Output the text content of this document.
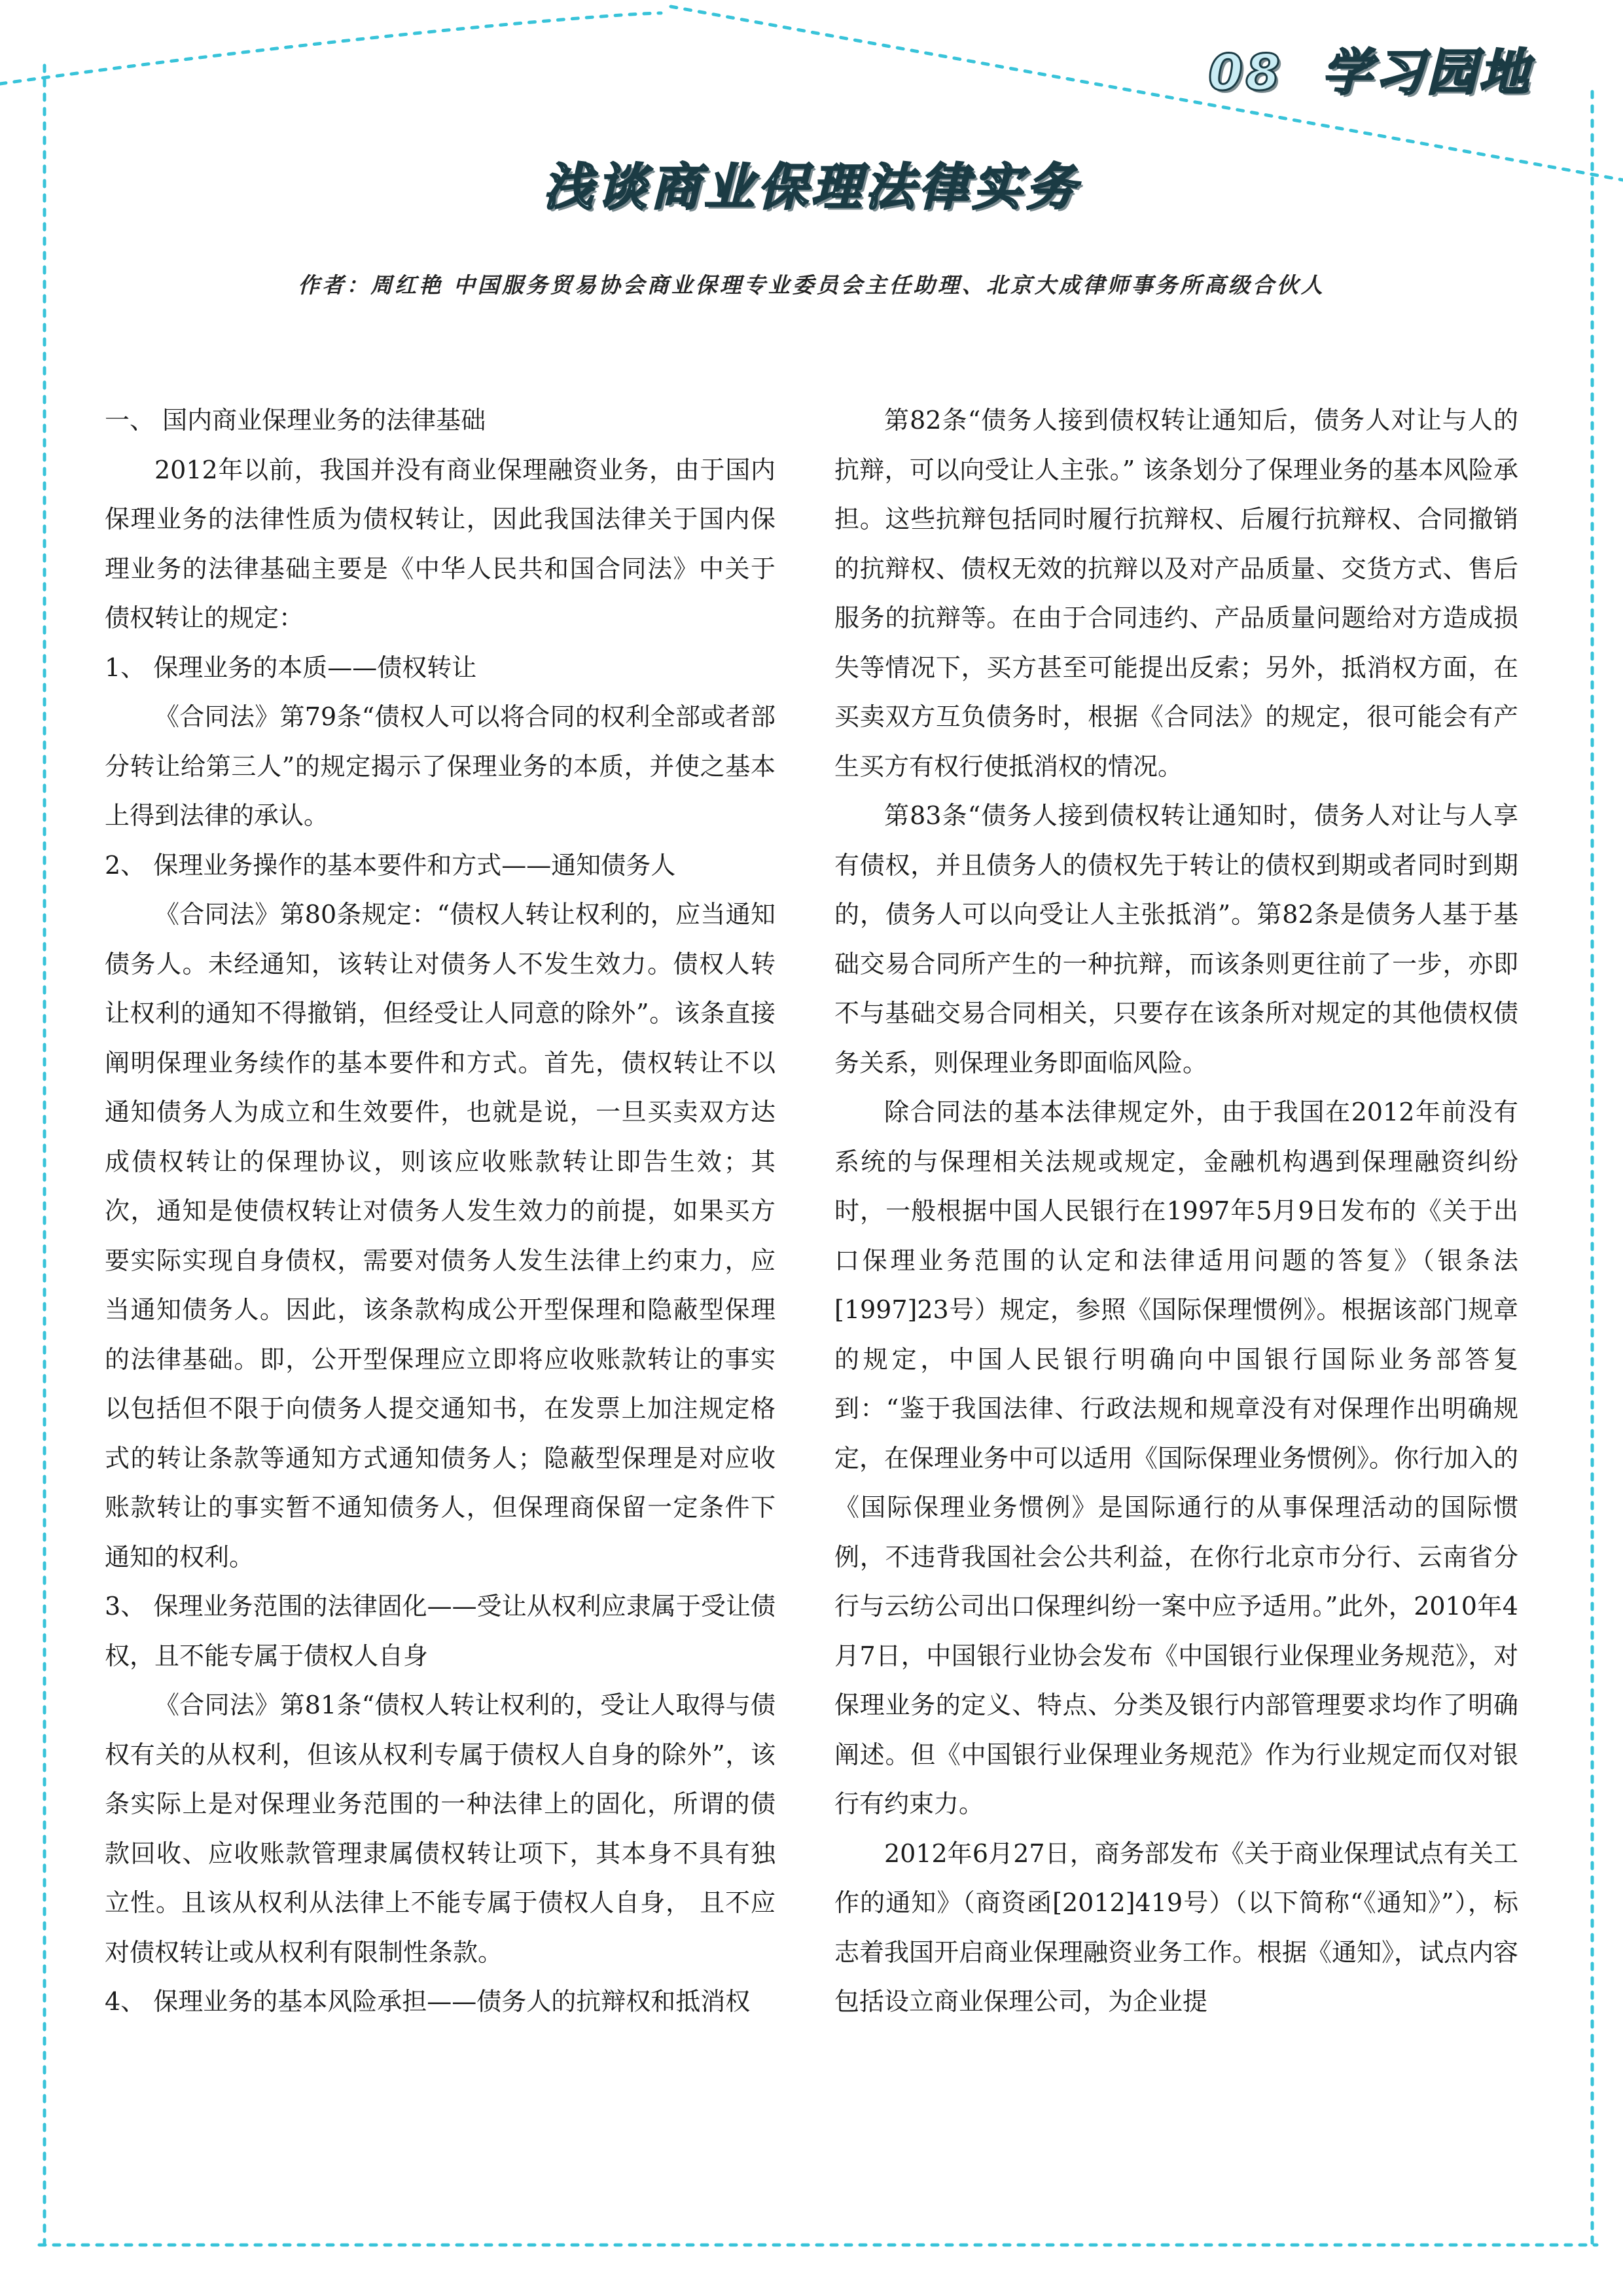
08 学习园地
浅谈商业保理法律实务
作者：周红艳 中国服务贸易协会商业保理专业委员会主任助理、北京大成律师事务所高级合伙人

一、 国内商业保理业务的法律基础

2012年以前，我国并没有商业保理融资业务，由于国内保理业务的法律性质为债权转让，因此我国法律关于国内保理业务的法律基础主要是《中华人民共和国合同法》中关于债权转让的规定：

1、 保理业务的本质——债权转让

《合同法》第79条“债权人可以将合同的权利全部或者部分转让给第三人”的规定揭示了保理业务的本质，并使之基本上得到法律的承认。

2、 保理业务操作的基本要件和方式——通知债务人

《合同法》第80条规定：“债权人转让权利的，应当通知债务人。未经通知，该转让对债务人不发生效力。债权人转让权利的通知不得撤销，但经受让人同意的除外”。该条直接阐明保理业务续作的基本要件和方式。首先，债权转让不以通知债务人为成立和生效要件，也就是说，一旦买卖双方达成债权转让的保理协议，则该应收账款转让即告生效；其次，通知是使债权转让对债务人发生效力的前提，如果买方要实际实现自身债权，需要对债务人发生法律上约束力，应当通知债务人。因此，该条款构成公开型保理和隐蔽型保理的法律基础。即，公开型保理应立即将应收账款转让的事实以包括但不限于向债务人提交通知书，在发票上加注规定格式的转让条款等通知方式通知债务人；隐蔽型保理是对应收账款转让的事实暂不通知债务人，但保理商保留一定条件下通知的权利。

3、 保理业务范围的法律固化——受让从权利应隶属于受让债权，且不能专属于债权人自身

《合同法》第81条“债权人转让权利的，受让人取得与债权有关的从权利，但该从权利专属于债权人自身的除外”，该条实际上是对保理业务范围的一种法律上的固化，所谓的债款回收、应收账款管理隶属债权转让项下，其本身不具有独立性。且该从权利从法律上不能专属于债权人自身， 且不应对债权转让或从权利有限制性条款。

4、 保理业务的基本风险承担——债务人的抗辩权和抵消权

第82条“债务人接到债权转让通知后，债务人对让与人的抗辩，可以向受让人主张。” 该条划分了保理业务的基本风险承担。这些抗辩包括同时履行抗辩权、后履行抗辩权、合同撤销的抗辩权、债权无效的抗辩以及对产品质量、交货方式、售后服务的抗辩等。在由于合同违约、产品质量问题给对方造成损失等情况下，买方甚至可能提出反索；另外，抵消权方面，在买卖双方互负债务时，根据《合同法》的规定，很可能会有产生买方有权行使抵消权的情况。

第83条“债务人接到债权转让通知时，债务人对让与人享有债权，并且债务人的债权先于转让的债权到期或者同时到期的，债务人可以向受让人主张抵消”。第82条是债务人基于基础交易合同所产生的一种抗辩，而该条则更往前了一步，亦即不与基础交易合同相关，只要存在该条所对规定的其他债权债务关系，则保理业务即面临风险。

除合同法的基本法律规定外，由于我国在2012年前没有系统的与保理相关法规或规定，金融机构遇到保理融资纠纷时，一般根据中国人民银行在1997年5月9日发布的《关于出口保理业务范围的认定和法律适用问题的答复》（银条法[1997]23号）规定，参照《国际保理惯例》。根据该部门规章的规定，中国人民银行明确向中国银行国际业务部答复到：“鉴于我国法律、行政法规和规章没有对保理作出明确规定，在保理业务中可以适用《国际保理业务惯例》。你行加入的《国际保理业务惯例》是国际通行的从事保理活动的国际惯例，不违背我国社会公共利益，在你行北京市分行、云南省分行与云纺公司出口保理纠纷一案中应予适用。”此外，2010年4月7日，中国银行业协会发布《中国银行业保理业务规范》，对保理业务的定义、特点、分类及银行内部管理要求均作了明确阐述。但《中国银行业保理业务规范》作为行业规定而仅对银行有约束力。

2012年6月27日，商务部发布《关于商业保理试点有关工作的通知》（商资函[2012]419号）（以下简称“《通知》”），标志着我国开启商业保理融资业务工作。根据《通知》，试点内容包括设立商业保理公司，为企业提
